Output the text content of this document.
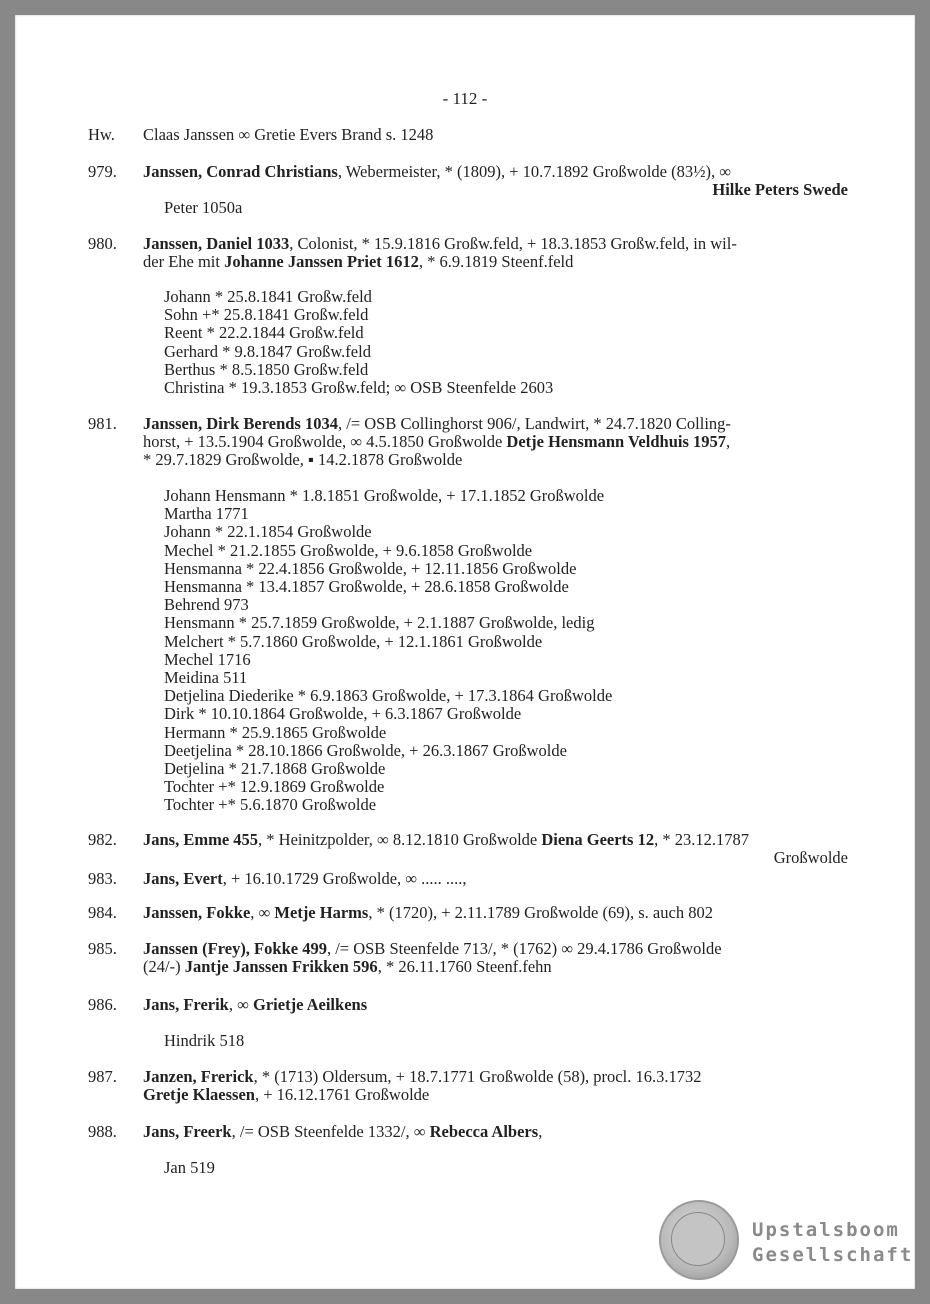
- 112 -
Hw. Claas Janssen ∞ Gretie Evers Brand s. 1248
979. Janssen, Conrad Christians, Webermeister, * (1809), + 10.7.1892 Großwolde (83½), ∞
Hilke Peters Swede
Peter 1050a
980. Janssen, Daniel 1033, Colonist, * 15.9.1816 Großw.feld, + 18.3.1853 Großw.feld, in wil-
der Ehe mit Johanne Janssen Priet 1612, * 6.9.1819 Steenf.feld
Johann * 25.8.1841 Großw.feld
Sohn +* 25.8.1841 Großw.feld
Reent * 22.2.1844 Großw.feld
Gerhard * 9.8.1847 Großw.feld
Berthus * 8.5.1850 Großw.feld
Christina * 19.3.1853 Großw.feld; ∞ OSB Steenfelde 2603
981. Janssen, Dirk Berends 1034, /= OSB Collinghorst 906/, Landwirt, * 24.7.1820 Colling-
horst, + 13.5.1904 Großwolde, ∞ 4.5.1850 Großwolde Detje Hensmann Veldhuis 1957,
* 29.7.1829 Großwolde, ▪ 14.2.1878 Großwolde
Johann Hensmann * 1.8.1851 Großwolde, + 17.1.1852 Großwolde
Martha 1771
Johann * 22.1.1854 Großwolde
Mechel * 21.2.1855 Großwolde, + 9.6.1858 Großwolde
Hensmanna * 22.4.1856 Großwolde, + 12.11.1856 Großwolde
Hensmanna * 13.4.1857 Großwolde, + 28.6.1858 Großwolde
Behrend 973
Hensmann * 25.7.1859 Großwolde, + 2.1.1887 Großwolde, ledig
Melchert * 5.7.1860 Großwolde, + 12.1.1861 Großwolde
Mechel 1716
Meidina 511
Detjelina Diederike * 6.9.1863 Großwolde, + 17.3.1864 Großwolde
Dirk * 10.10.1864 Großwolde, + 6.3.1867 Großwolde
Hermann * 25.9.1865 Großwolde
Deetjelina * 28.10.1866 Großwolde, + 26.3.1867 Großwolde
Detjelina * 21.7.1868 Großwolde
Tochter +* 12.9.1869 Großwolde
Tochter +* 5.6.1870 Großwolde
982. Jans, Emme 455, * Heinitzpolder, ∞ 8.12.1810 Großwolde Diena Geerts 12, * 23.12.1787
Großwolde
983. Jans, Evert, + 16.10.1729 Großwolde, ∞ ..... ....,
984. Janssen, Fokke, ∞ Metje Harms, * (1720), + 2.11.1789 Großwolde (69), s. auch 802
985. Janssen (Frey), Fokke 499, /= OSB Steenfelde 713/, * (1762) ∞ 29.4.1786 Großwolde
(24/-) Jantje Janssen Frikken 596, * 26.11.1760 Steenf.fehn
986. Jans, Frerik, ∞ Grietje Aeilkens
Hindrik 518
987. Janzen, Frerick, * (1713) Oldersum, + 18.7.1771 Großwolde (58), procl. 16.3.1732
Gretje Klaessen, + 16.12.1761 Großwolde
988. Jans, Freerk, /= OSB Steenfelde 1332/, ∞ Rebecca Albers,
Jan 519
Upstalsboom
Gesellschaft
